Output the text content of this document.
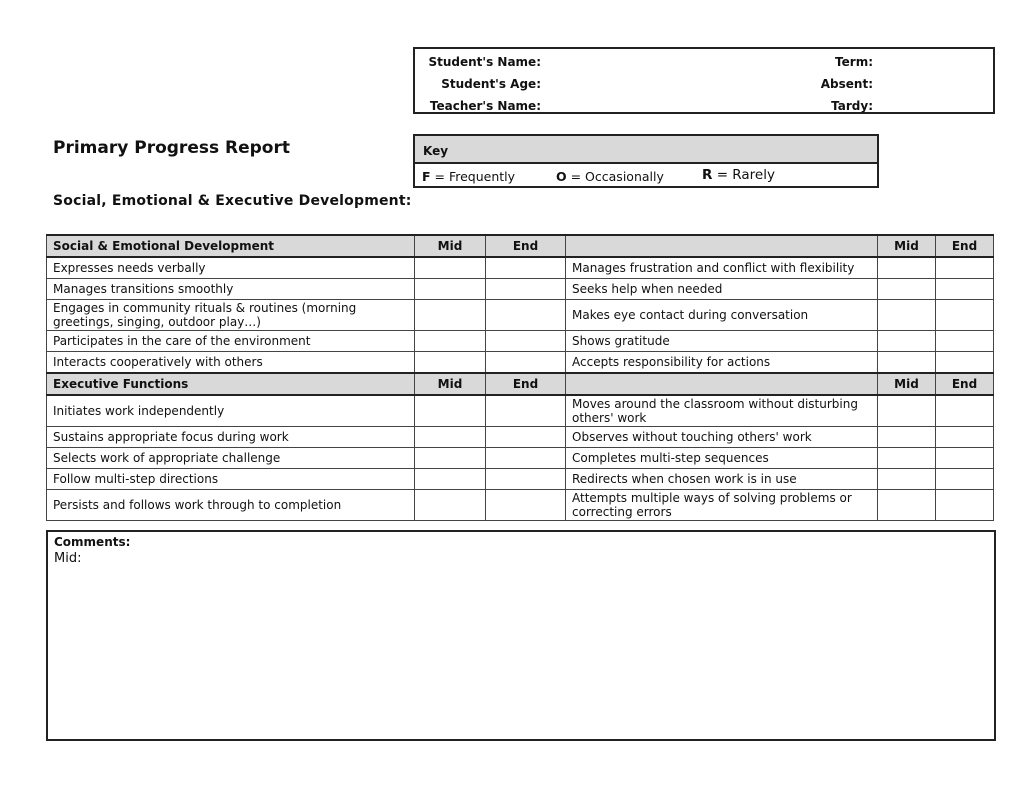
Student's Name:	Term:
Student's Age:	Absent:
Teacher's Name:	Tardy:
Primary Progress Report
Social, Emotional & Executive Development:
Key
F = Frequently	O = Occasionally	R = Rarely
Social & Emotional Development	Mid	End		Mid	End
Expresses needs verbally			Manages frustration and conflict with flexibility		
Manages transitions smoothly			Seeks help when needed		
Engages in community rituals & routines (morning greetings, singing, outdoor play…)			Makes eye contact during conversation		
Participates in the care of the environment			Shows gratitude		
Interacts cooperatively with others			Accepts responsibility for actions		
Executive Functions	Mid	End		Mid	End
Initiates work independently			Moves around the classroom without disturbing others' work		
Sustains appropriate focus during work			Observes without touching others' work		
Selects work of appropriate challenge			Completes multi-step sequences		
Follow multi-step directions			Redirects when chosen work is in use		
Persists and follows work through to completion			Attempts multiple ways of solving problems or correcting errors		
Comments:
Mid:
